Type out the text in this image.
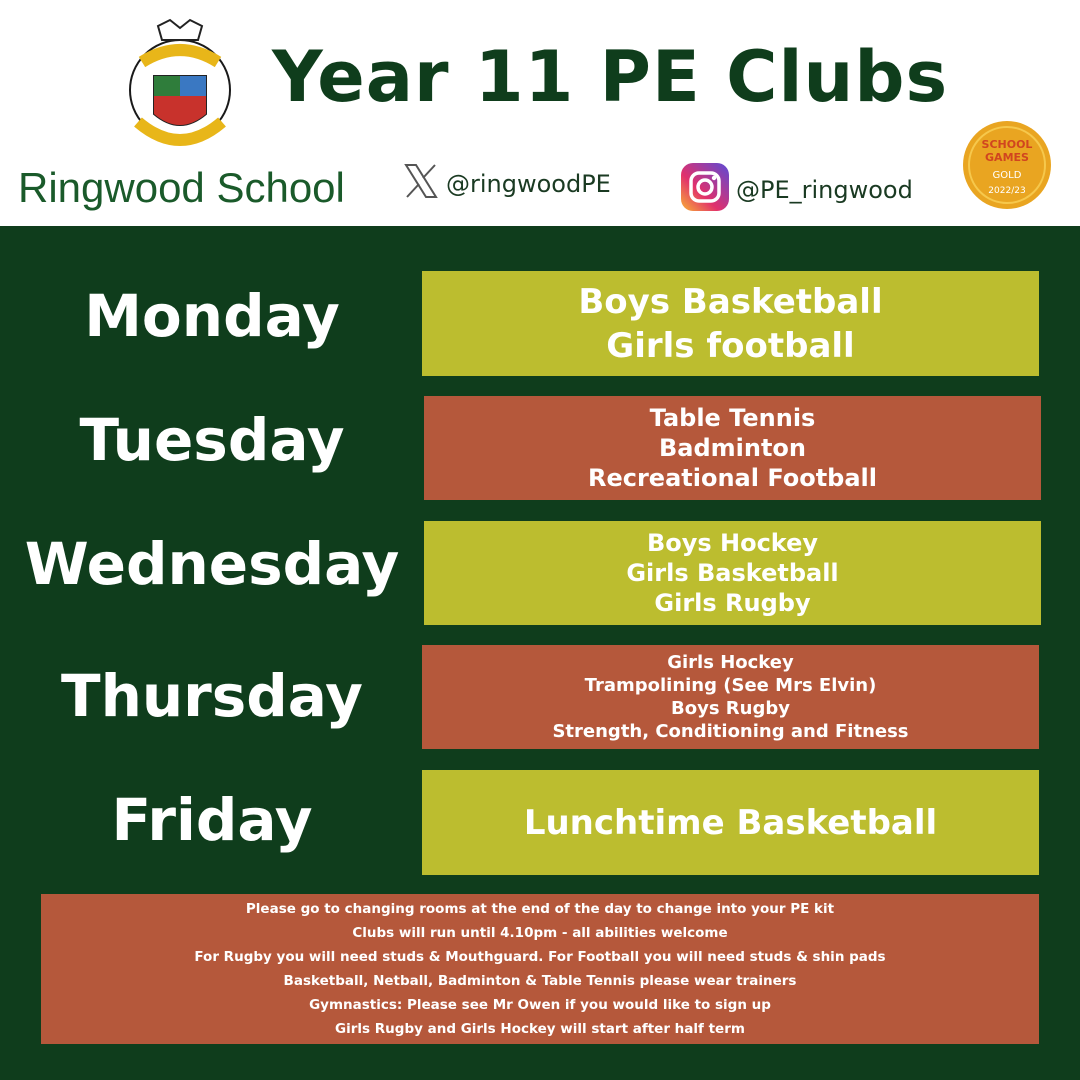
Year 11 PE Clubs
Ringwood School	@ringwoodPE	@PE_ringwood
SCHOOL
GAMES
GOLD
2022/23
Monday	Boys Basketball
Girls football
Tuesday	Table Tennis
Badminton
Recreational Football
Wednesday	Boys Hockey
Girls Basketball
Girls Rugby
Thursday	Girls Hockey
Trampolining (See Mrs Elvin)
Boys Rugby
Strength, Conditioning and Fitness
Friday	Lunchtime Basketball
Please go to changing rooms at the end of the day to change into your PE kit
Clubs will run until 4.10pm - all abilities welcome
For Rugby you will need studs & Mouthguard. For Football you will need studs & shin pads
Basketball, Netball, Badminton & Table Tennis please wear trainers
Gymnastics: Please see Mr Owen if you would like to sign up
Girls Rugby and Girls Hockey will start after half term
